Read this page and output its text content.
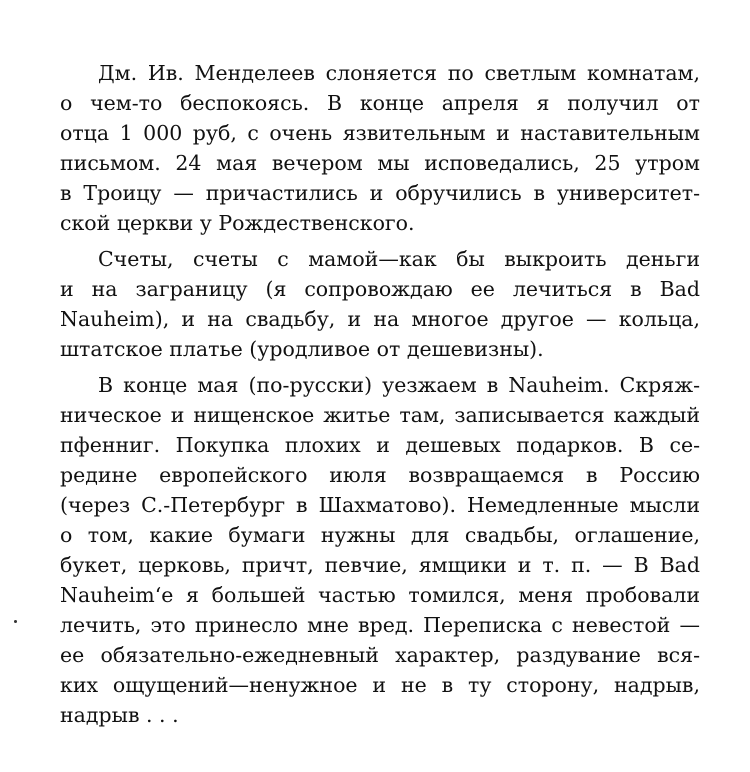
Дм. Ив. Менделеев слоняется по светлым комнатам,
о чем-то беспокоясь. В конце апреля я получил от
отца 1 000 руб, с очень язвительным и наставительным
письмом. 24 мая вечером мы исповедались, 25 утром
в Троицу — причастились и обручились в университет-
ской церкви у Рождественского.

Счеты, счеты с мамой—как бы выкроить деньги
и на заграницу (я сопровождаю ее лечиться в Bad
Nauheim), и на свадьбу, и на многое другое — кольца,
штатское платье (уродливое от дешевизны).

В конце мая (по-русски) уезжаем в Nauheim. Скряж-
ническое и нищенское житье там, записывается каждый
пфенниг. Покупка плохих и дешевых подарков. В се-
редине европейского июля возвращаемся в Россию
(через С.-Петербург в Шахматово). Немедленные мысли
о том, какие бумаги нужны для свадьбы, оглашение,
букет, церковь, причт, певчие, ямщики и т. п. — В Bad
Nauheim‘е я большей частью томился, меня пробовали
лечить, это принесло мне вред. Переписка с невестой —
ее обязательно-ежедневный характер, раздувание вся-
ких ощущений—ненужное и не в ту сторону, надрыв,
надрыв . . .
